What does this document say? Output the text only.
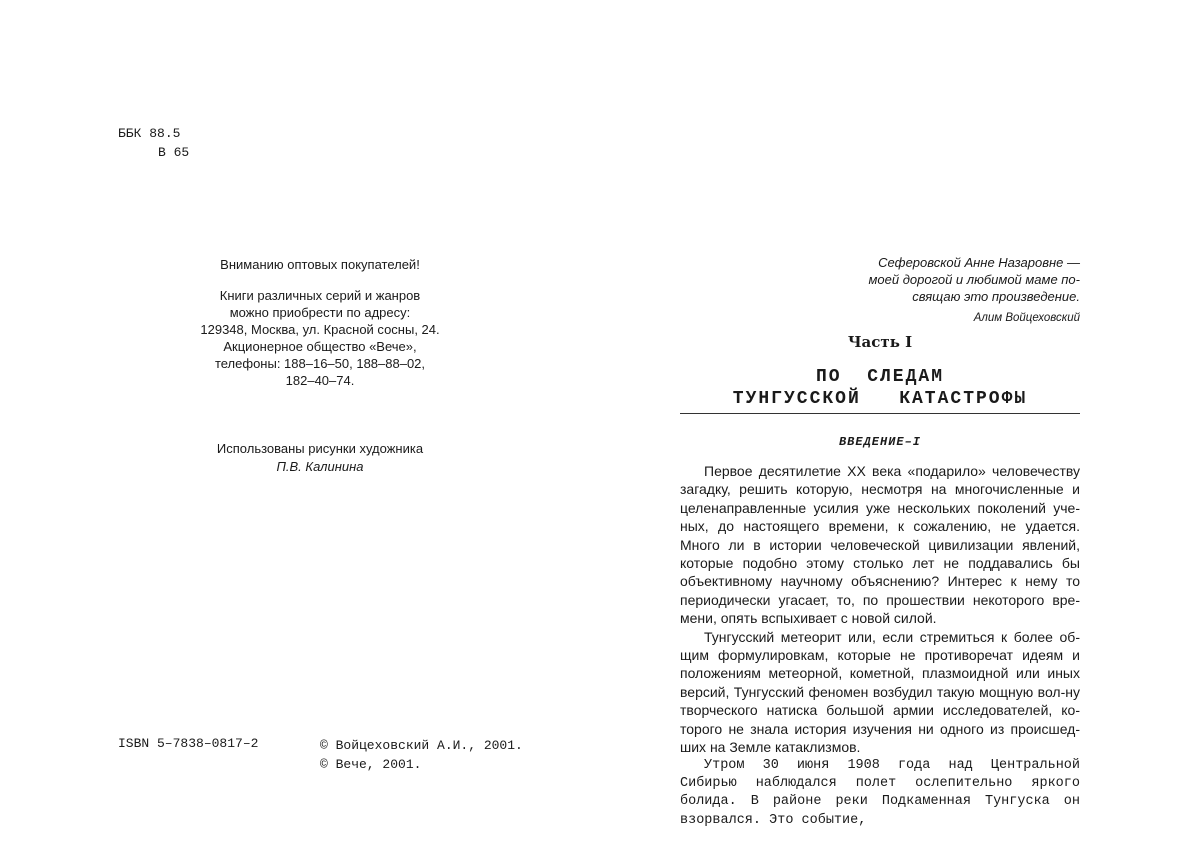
ББК 88.5
В 65
Вниманию оптовых покупателей!
Книги различных серий и жанров
можно приобрести по адресу:
129348, Москва, ул. Красной сосны, 24.
Акционерное общество «Вече»,
телефоны: 188–16–50, 188–88–02,
182–40–74.
Использованы рисунки художника
П.В. Калинина
ISBN 5–7838–0817–2	© Войцеховский А.И., 2001.
© Вече, 2001.
Сеферовской Анне Назаровне —
моей дорогой и любимой маме по-
свящаю это произведение.
Алим Войцеховский
Часть I
ПО  СЛЕДАМ
ТУНГУССКОЙ   КАТАСТРОФЫ
ВВЕДЕНИЕ–I

Первое десятилетие XX века «подарило» человечеству загадку, решить которую, несмотря на многочисленные и целенаправленные усилия уже нескольких поколений уче-ных, до настоящего времени, к сожалению, не удается. Много ли в истории человеческой цивилизации явлений, которые подобно этому столько лет не поддавались бы объективному научному объяснению? Интерес к нему то периодически угасает, то, по прошествии некоторого вре-мени, опять вспыхивает с новой силой.

Тунгусский метеорит или, если стремиться к более об-щим формулировкам, которые не противоречат идеям и положениям метеорной, кометной, плазмоидной или иных версий, Тунгусский феномен возбудил такую мощную вол-ну творческого натиска большой армии исследователей, ко-торого не знала история изучения ни одного из происшед-ших на Земле катаклизмов.

Утром 30 июня 1908 года над Центральной Сибирью наблюдался полет ослепительно яркого болида. В районе реки Подкаменная Тунгуска он взорвался. Это событие,
